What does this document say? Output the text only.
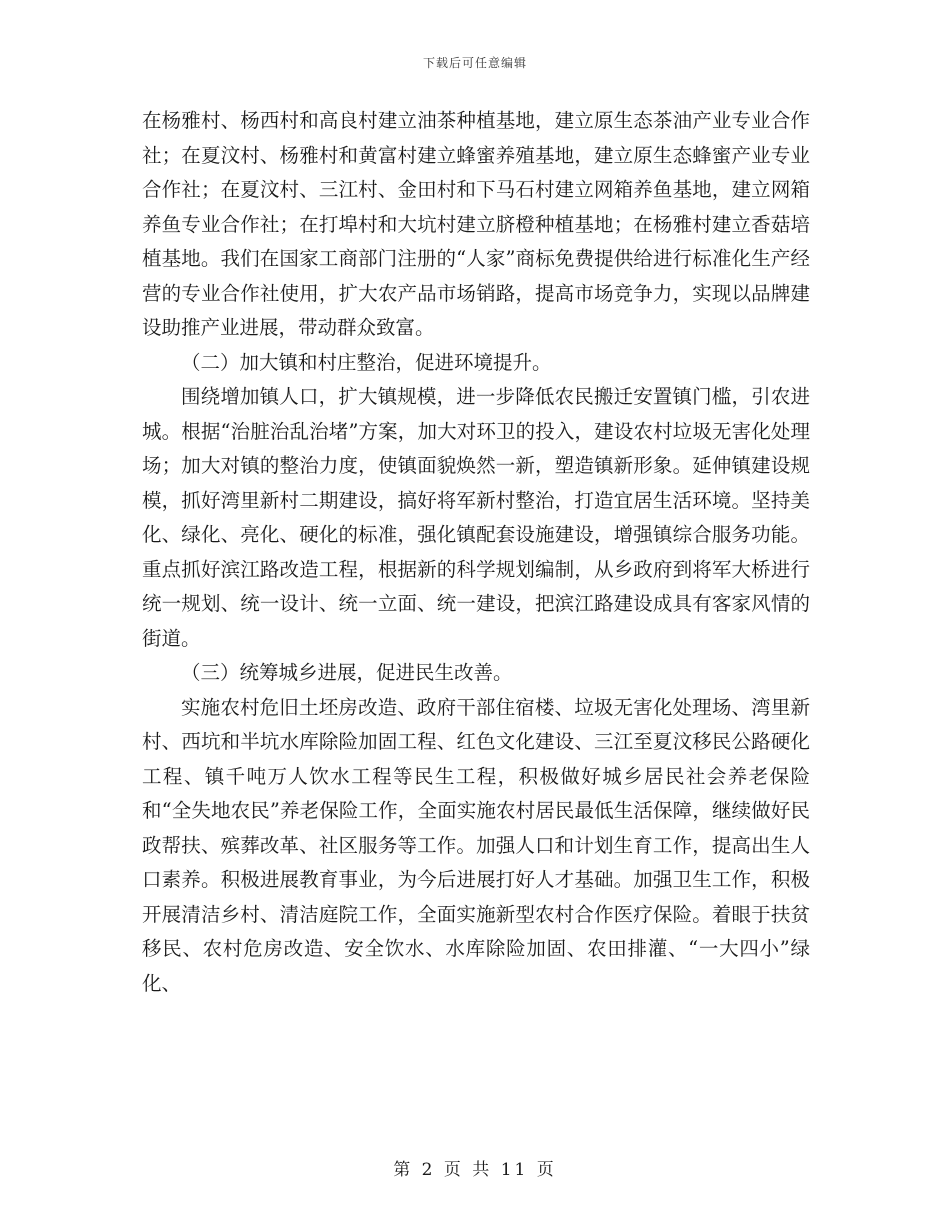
下载后可任意编辑

在杨雅村、杨西村和高良村建立油茶种植基地，建立原生态茶油产业专业合作社；在夏汶村、杨雅村和黄富村建立蜂蜜养殖基地，建立原生态蜂蜜产业专业合作社；在夏汶村、三江村、金田村和下马石村建立网箱养鱼基地，建立网箱养鱼专业合作社；在打埠村和大坑村建立脐橙种植基地；在杨雅村建立香菇培植基地。我们在国家工商部门注册的“人家”商标免费提供给进行标准化生产经营的专业合作社使用，扩大农产品市场销路，提高市场竞争力，实现以品牌建设助推产业进展，带动群众致富。

（二）加大镇和村庄整治，促进环境提升。

围绕增加镇人口，扩大镇规模，进一步降低农民搬迁安置镇门槛，引农进城。根据“治脏治乱治堵”方案，加大对环卫的投入，建设农村垃圾无害化处理场；加大对镇的整治力度，使镇面貌焕然一新，塑造镇新形象。延伸镇建设规模，抓好湾里新村二期建设，搞好将军新村整治，打造宜居生活环境。坚持美化、绿化、亮化、硬化的标准，强化镇配套设施建设，增强镇综合服务功能。重点抓好滨江路改造工程，根据新的科学规划编制，从乡政府到将军大桥进行统一规划、统一设计、统一立面、统一建设，把滨江路建设成具有客家风情的街道。

（三）统筹城乡进展，促进民生改善。

实施农村危旧土坯房改造、政府干部住宿楼、垃圾无害化处理场、湾里新村、西坑和半坑水库除险加固工程、红色文化建设、三江至夏汶移民公路硬化工程、镇千吨万人饮水工程等民生工程，积极做好城乡居民社会养老保险和“全失地农民”养老保险工作，全面实施农村居民最低生活保障，继续做好民政帮扶、殡葬改革、社区服务等工作。加强人口和计划生育工作，提高出生人口素养。积极进展教育事业，为今后进展打好人才基础。加强卫生工作，积极开展清洁乡村、清洁庭院工作，全面实施新型农村合作医疗保险。着眼于扶贫移民、农村危房改造、安全饮水、水库除险加固、农田排灌、“一大四小”绿化、

第 2 页 共 11 页
